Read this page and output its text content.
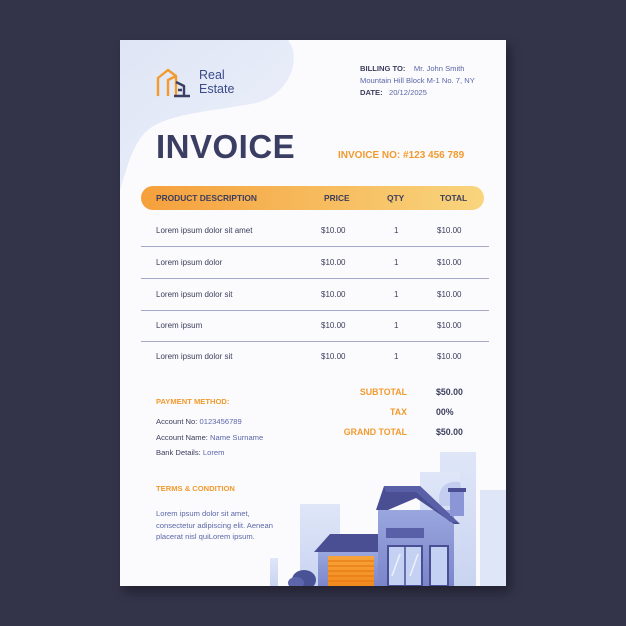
Real
Estate
BILLING TO: Mr. John Smith
Mountain Hill Block M-1 No. 7, NY
DATE: 20/12/2025
INVOICE	INVOICE NO: #123 456 789
PRODUCT DESCRIPTION	PRICE	QTY	TOTAL
Lorem ipsum dolor sit amet	$10.00	1	$10.00
Lorem ipsum dolor	$10.00	1	$10.00
Lorem ipsum dolor sit	$10.00	1	$10.00
Lorem ipsum	$10.00	1	$10.00
Lorem ipsum dolor sit	$10.00	1	$10.00
SUBTOTAL	$50.00
TAX	00%
GRAND TOTAL	$50.00
PAYMENT METHOD:
Account No: 0123456789
Account Name: Name Surname
Bank Details: Lorem
TERMS & CONDITION
Lorem ipsum dolor sit amet, consectetur adipiscing elit. Aenean placerat nisl quiLorem ipsum.
